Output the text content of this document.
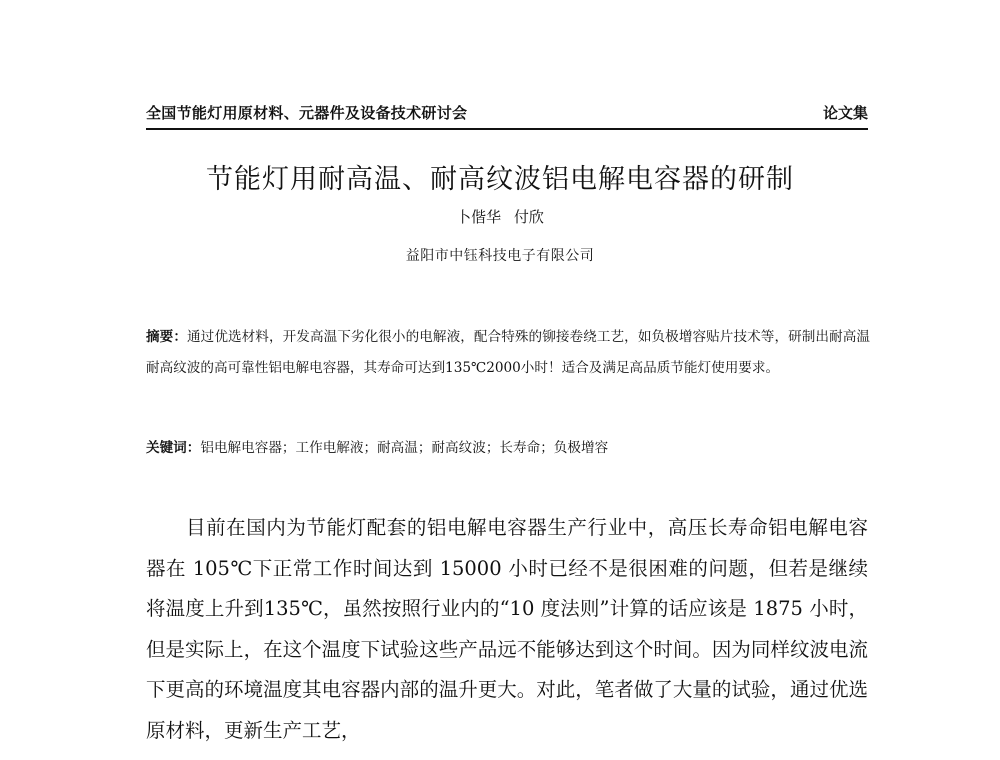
全国节能灯用原材料、元器件及设备技术研讨会	论文集
节能灯用耐高温、耐高纹波铝电解电容器的研制
卜偕华 付欣
益阳市中钰科技电子有限公司
摘要：通过优选材料，开发高温下劣化很小的电解液，配合特殊的铆接卷绕工艺，如负极增容贴片技术等，研制出耐高温耐高纹波的高可靠性铝电解电容器，其寿命可达到135℃2000小时！适合及满足高品质节能灯使用要求。
关键词：铝电解电容器；工作电解液；耐高温；耐高纹波；长寿命；负极增容
目前在国内为节能灯配套的铝电解电容器生产行业中，高压长寿命铝电解电容器在 105℃下正常工作时间达到 15000 小时已经不是很困难的问题，但若是继续将温度上升到135℃，虽然按照行业内的“10 度法则”计算的话应该是 1875 小时，但是实际上，在这个温度下试验这些产品远不能够达到这个时间。因为同样纹波电流下更高的环境温度其电容器内部的温升更大。对此，笔者做了大量的试验，通过优选原材料，更新生产工艺，
